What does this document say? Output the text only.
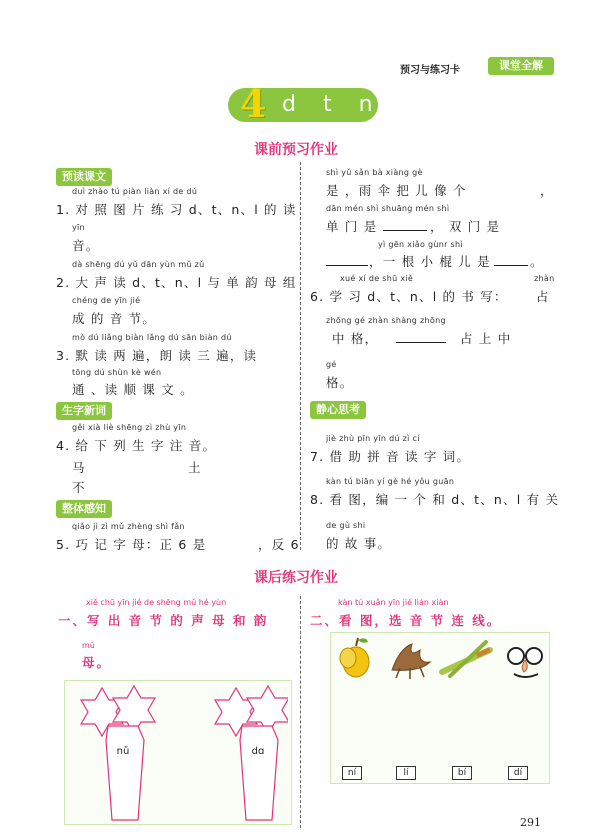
预习与练习卡	课堂全解
4 d t n l
课前预习作业
预读课文
duì zhào tú piàn liàn xí de dú
1. 对 照 图 片 练 习 d、t、n、l 的 读
yīn
音。
dà shēng dú yǔ dān yùn mǔ zǔ
2. 大 声 读 d、t、n、l 与 单 韵 母 组
chéng de yīn jié
成 的 音 节。
mò dú liǎng biàn lǎng dú sān biàn dú
3. 默 读 两 遍，朗 读 三 遍，读
tōng dú shùn kè wén
通 、读 顺 课 文 。
生字新词
gěi xià liè shēng zì zhù yīn
4. 给 下 列 生 字 注 音。
马	土
不
整体感知
qiǎo jì zì mǔ zhèng shì fǎn
5. 巧 记 字 母：正 6 是	，反 6
shì yǔ sǎn bà xiàng gè
是 ，雨 伞 把 儿 像 个	，
dān mén shì shuāng mén shì
单 门 是	， 双 门 是
yì gēn xiǎo gùnr shì
，一 根 小 棍 儿 是	。
xué xí de shū xiě	zhàn
6. 学 习 d、t、n、l 的 书 写： 占
zhōng gé zhàn shàng zhōng
中 格，	占 上 中
gé
格。
静心思考
jiè zhù pīn yīn dú zì cí
7. 借 助 拼 音 读 字 词。
kàn tú biān yí gè hé yǒu guān
8. 看 图，编 一 个 和 d、t、n、l 有 关
de gù shi
的 故 事。
课后练习作业
xiě chū yīn jié de shēng mǔ hé yùn
一、写 出 音 节 的 声 母 和 韵
mǔ
母。
nǔ	dɑ
kàn tú xuǎn yīn jié lián xiàn
二、看 图，选 音 节 连 线。
ní	lí	bí	dí
291
